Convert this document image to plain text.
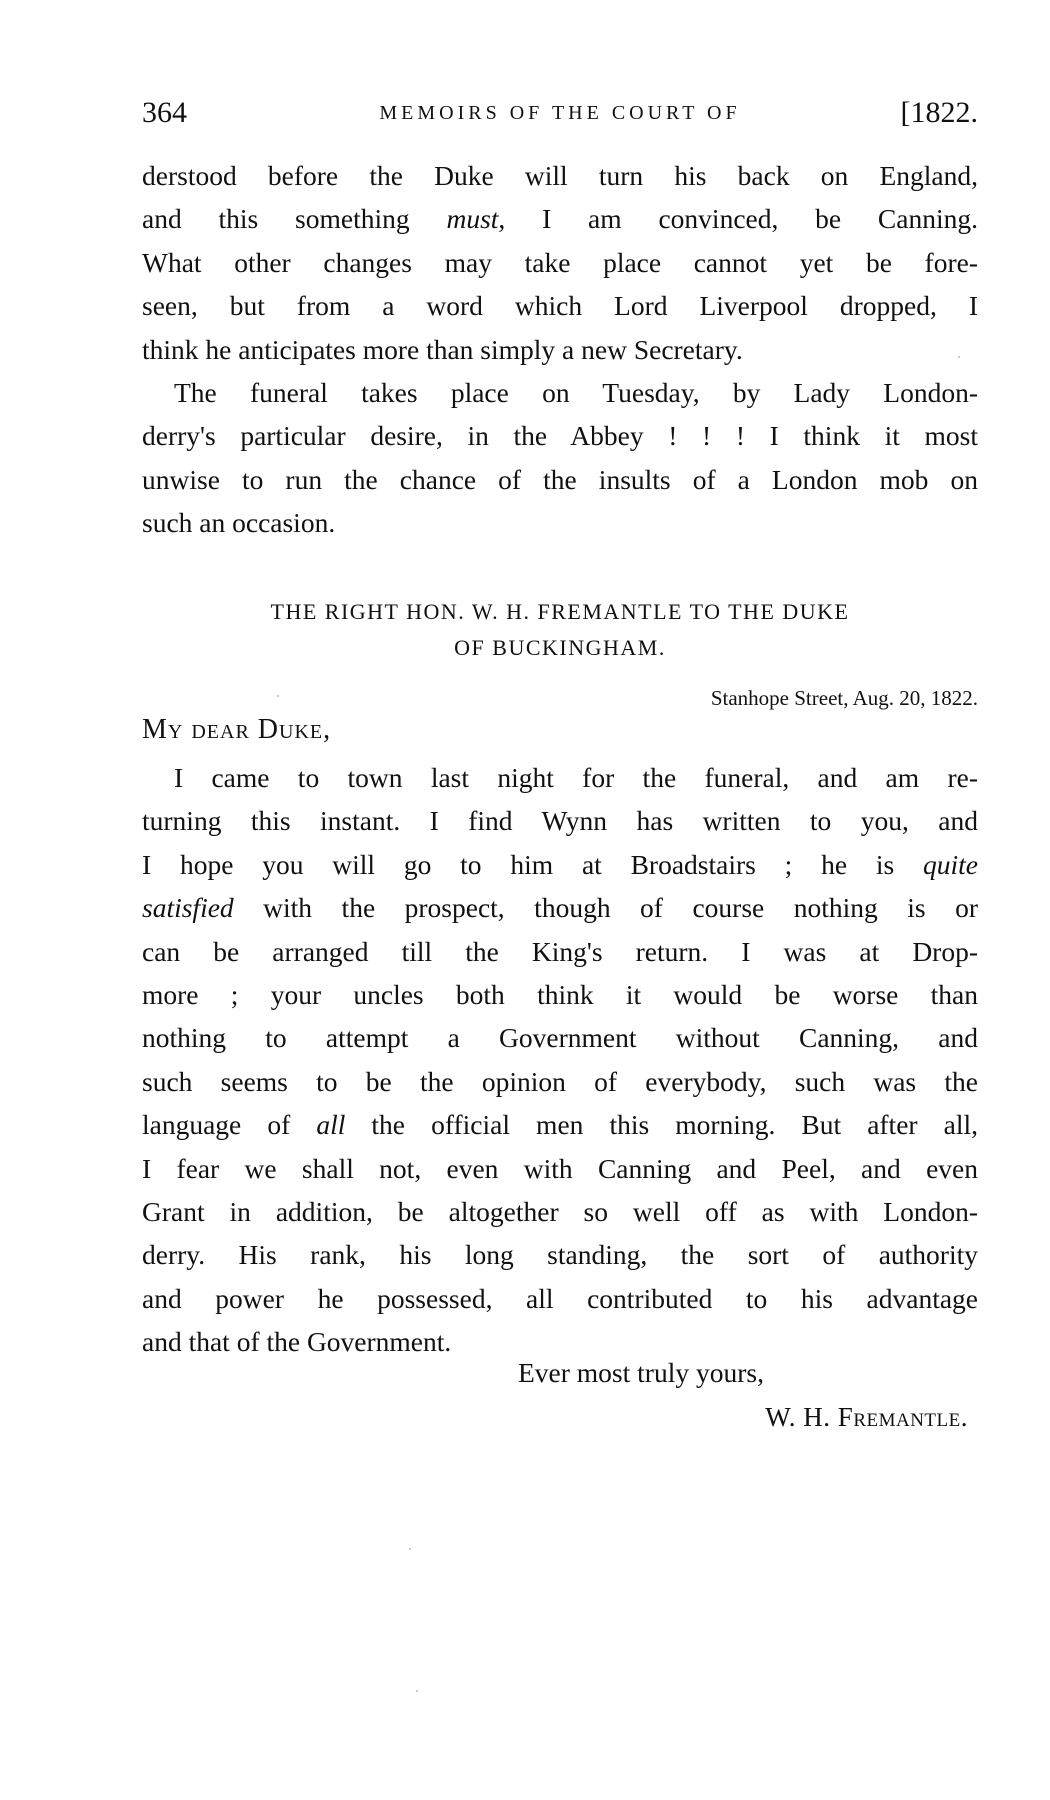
364	MEMOIRS OF THE COURT OF	[1822.
derstood before the Duke will turn his back on England,
and this something must, I am convinced, be Canning.
What other changes may take place cannot yet be fore-
seen, but from a word which Lord Liverpool dropped, I
think he anticipates more than simply a new Secretary.
The funeral takes place on Tuesday, by Lady London-
derry's particular desire, in the Abbey ! ! ! I think it most
unwise to run the chance of the insults of a London mob on
such an occasion.
THE RIGHT HON. W. H. FREMANTLE TO THE DUKE
OF BUCKINGHAM.
Stanhope Street, Aug. 20, 1822.
My dear Duke,
I came to town last night for the funeral, and am re-
turning this instant. I find Wynn has written to you, and
I hope you will go to him at Broadstairs ; he is quite
satisfied with the prospect, though of course nothing is or
can be arranged till the King's return. I was at Drop-
more ; your uncles both think it would be worse than
nothing to attempt a Government without Canning, and
such seems to be the opinion of everybody, such was the
language of all the official men this morning. But after all,
I fear we shall not, even with Canning and Peel, and even
Grant in addition, be altogether so well off as with London-
derry. His rank, his long standing, the sort of authority
and power he possessed, all contributed to his advantage
and that of the Government.
Ever most truly yours,
W. H. Fremantle.
